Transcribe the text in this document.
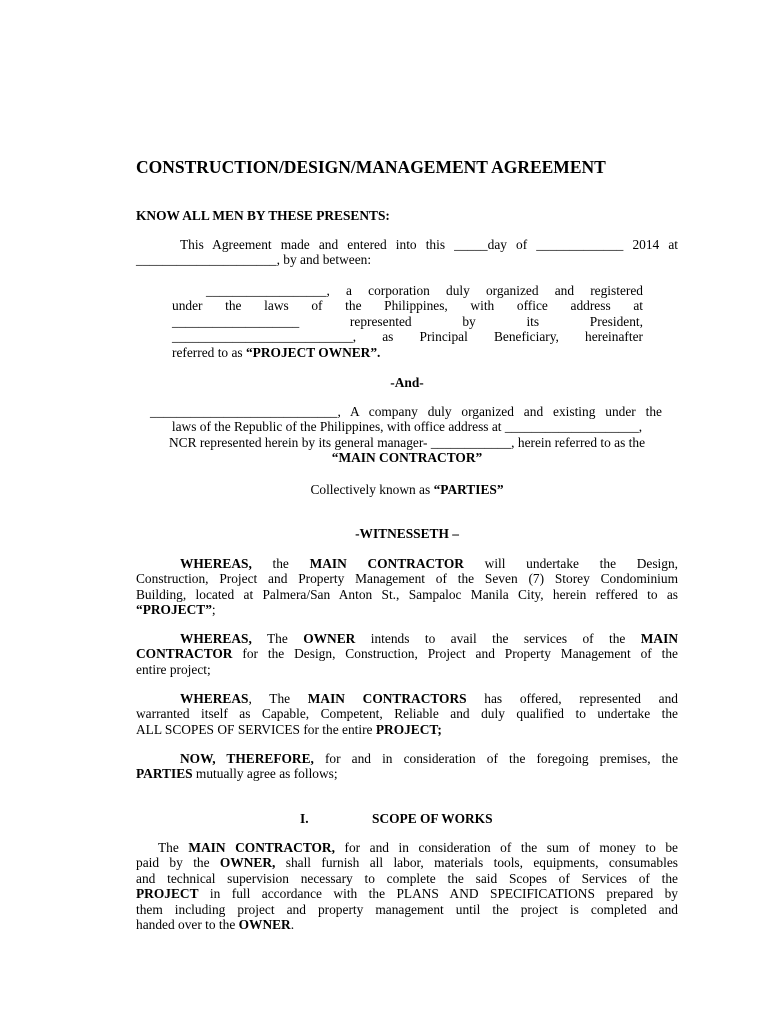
CONSTRUCTION/DESIGN/MANAGEMENT AGREEMENT
KNOW ALL MEN BY THESE PRESENTS:
This Agreement made and entered into this _____day of _____________ 2014 at
_____________________, by and between:
__________________, a corporation duly organized and registered
under the laws of the Philippines, with office address at
___________________ represented by its President,
___________________________, as Principal Beneficiary, hereinafter
referred to as “PROJECT OWNER”.
-And-
____________________________, A company duly organized and existing under the
laws of the Republic of the Philippines, with office address at ____________________,
NCR represented herein by its general manager- ____________, herein referred to as the
“MAIN CONTRACTOR”
Collectively known as “PARTIES”
-WITNESSETH –
WHEREAS, the MAIN CONTRACTOR will undertake the Design,
Construction, Project and Property Management of the Seven (7) Storey Condominium
Building, located at Palmera/San Anton St., Sampaloc Manila City, herein reffered to as
“PROJECT”;
WHEREAS, The OWNER intends to avail the services of the MAIN
CONTRACTOR for the Design, Construction, Project and Property Management of the
entire project;
WHEREAS, The MAIN CONTRACTORS has offered, represented and
warranted itself as Capable, Competent, Reliable and duly qualified to undertake the
ALL SCOPES OF SERVICES for the entire PROJECT;
NOW, THEREFORE, for and in consideration of the foregoing premises, the
PARTIES mutually agree as follows;
I.	SCOPE OF WORKS
The MAIN CONTRACTOR, for and in consideration of the sum of money to be
paid by the OWNER, shall furnish all labor, materials tools, equipments, consumables
and technical supervision necessary to complete the said Scopes of Services of the
PROJECT in full accordance with the PLANS AND SPECIFICATIONS prepared by
them including project and property management until the project is completed and
handed over to the OWNER.
